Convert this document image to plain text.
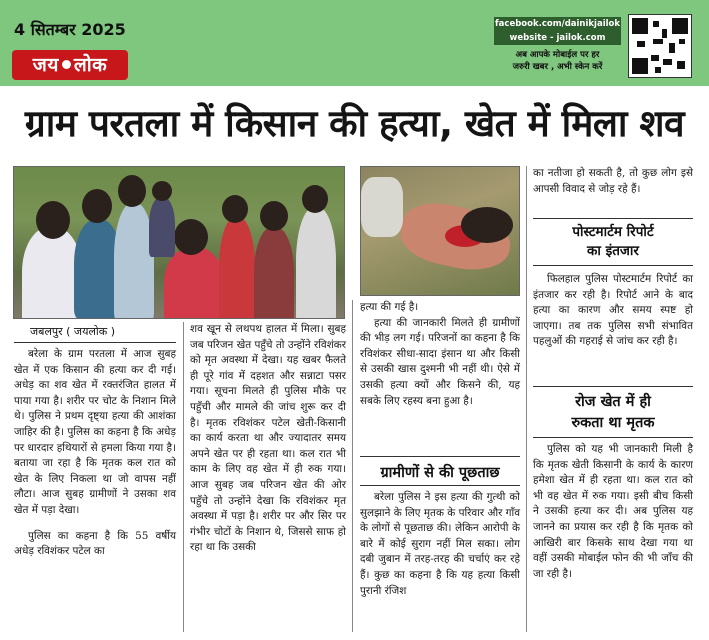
4 सितम्बर 2025
जय लोक
facebook.com/dainikjailok
website - jailok.com
अब आपके मोबाईल पर हर
जरुरी खबर , अभी स्केन करें
ग्राम परतला में किसान की हत्या, खेत में मिला शव
जबलपुर ( जयलोक )

बरेला के ग्राम परतला में आज सुबह खेत में एक किसान की हत्या कर दी गई। अधेड़ का शव खेत में रक्तरंजित हालत में पाया गया है। शरीर पर चोट के निशान मिले थे। पुलिस ने प्रथम दृष्ट्या हत्या की आशंका जाहिर की है। पुलिस का कहना है कि अधेड़ पर धारदार हथियारों से हमला किया गया है। बताया जा रहा है कि मृतक कल रात को खेत के लिए निकला था जो वापस नहीं लौटा। आज सुबह ग्रामीणों ने उसका शव खेत में पड़ा देखा।

पुलिस का कहना है कि 55 वर्षीय अधेड़ रविशंकर पटेल का

शव खून से लथपथ हालत में मिला। सुबह जब परिजन खेत पहुँचे तो उन्होंने रविशंकर को मृत अवस्था में देखा। यह खबर फैलते ही पूरे गांव में दहशत और सन्नाटा पसर गया। सूचना मिलते ही पुलिस मौके पर पहुँची और मामले की जांच शुरू कर दी है। मृतक रविशंकर पटेल खेती-किसानी का कार्य करता था और ज्यादातर समय अपने खेत पर ही रहता था। कल रात भी काम के लिए वह खेत में ही रुक गया। आज सुबह जब परिजन खेत की ओर पहुँचे तो उन्होंने देखा कि रविशंकर मृत अवस्था में पड़ा है। शरीर पर और सिर पर गंभीर चोटों के निशान थे, जिससे साफ हो रहा था कि उसकी

हत्या की गई है।

हत्या की जानकारी मिलते ही ग्रामीणों की भीड़ लग गई। परिजनों का कहना है कि रविशंकर सीधा-सादा इंसान था और किसी से उसकी खास दुश्मनी भी नहीं थी। ऐसे में उसकी हत्या क्यों और किसने की, यह सबके लिए रहस्य बना हुआ है।

ग्रामीणों से की पूछताछ

बरेला पुलिस ने इस हत्या की गुत्थी को सुलझाने के लिए मृतक के परिवार और गाँव के लोगों से पूछताछ की। लेकिन आरोपी के बारे में कोई सुराग नहीं मिल सका। लोग दबी जुबान में तरह-तरह की चर्चाएं कर रहे हैं। कुछ का कहना है कि यह हत्या किसी पुरानी रंजिश

का नतीजा हो सकती है, तो कुछ लोग इसे आपसी विवाद से जोड़ रहे हैं।

पोस्टमार्टम रिपोर्ट
का इंतजार

फिलहाल पुलिस पोस्टमार्टम रिपोर्ट का इंतजार कर रही है। रिपोर्ट आने के बाद हत्या का कारण और समय स्पष्ट हो जाएगा। तब तक पुलिस सभी संभावित पहलुओं की गहराई से जांच कर रही है।

रोज खेत में ही
रुकता था मृतक

पुलिस को यह भी जानकारी मिली है कि मृतक खेती किसानी के कार्य के कारण हमेशा खेत में ही रहता था। कल रात को भी वह खेत में रुक गया। इसी बीच किसी ने उसकी हत्या कर दी। अब पुलिस यह जानने का प्रयास कर रही है कि मृतक को आखिरी बार किसके साथ देखा गया था वहीं उसकी मोबाईल फोन की भी जाँच की जा रही है।
